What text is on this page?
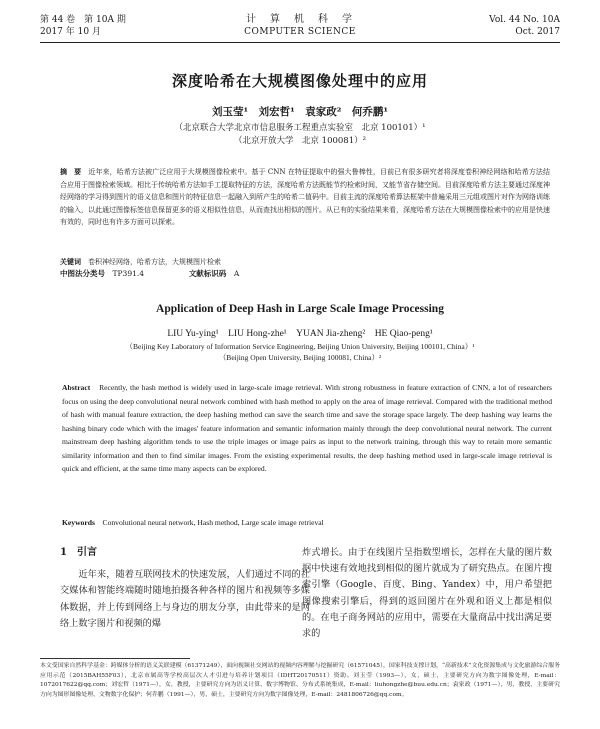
第 44 卷　第 10A 期
2017 年 10 月
计　算　机　科　学
COMPUTER SCIENCE
Vol. 44 No. 10A
Oct. 2017
深度哈希在大规模图像处理中的应用
刘玉莹¹　刘宏哲¹　袁家政²　何乔鹏¹
（北京联合大学北京市信息服务工程重点实验室　北京 100101）¹
（北京开放大学　北京 100081）²
摘　要　 近年来，哈希方法被广泛应用于大规模图像检索中。基于 CNN 在特征提取中的强大鲁棒性，目前已有很多研究者将深度卷积神经网络和哈希方法结合应用于图像检索领域。相比于传统哈希方法如手工提取特征的方法，深度哈希方法既能节约检索时间，又能节省存储空间。目前深度哈希方法主要通过深度神经网络的学习得到图片的语义信息和图片的特征信息一起融入到所产生的哈希二值码中。目前主流的深度哈希算法框架中普遍采用三元组或图片对作为网络训练的输入，以此通过图像标签信息保留更多的语义相似性信息，从而查找出相似的图片。从已有的实验结果来看，深度哈希方法在大规模图像检索中的应用是快速有效的，同时也有许多方面可以探索。
关键词　 卷积神经网络，哈希方法，大规模图片检索
中图法分类号　 TP391.4	文献标识码　 A
Application of Deep Hash in Large Scale Image Processing
LIU Yu-ying¹　LIU Hong-zhe¹　YUAN Jia-zheng²　HE Qiao-peng¹
（Beijing Key Laboratory of Information Service Engineering, Beijing Union University, Beijing 100101, China）¹
（Beijing Open University, Beijing 100081, China）²
Abstract　 Recently, the hash method is widely used in large-scale image retrieval. With strong robustness in feature extraction of CNN, a lot of researchers focus on using the deep convolutional neural network combined with hash method to apply on the area of image retrieval. Compared with the traditional method of hash with manual feature extraction, the deep hashing method can save the search time and save the storage space largely. The deep hashing way learns the hashing binary code which with the images' feature information and semantic information mainly through the deep convolutional neural network. The current mainstream deep hashing algorithm tends to use the triple images or image pairs as input to the network training, through this way to retain more semantic similarity information and then to find similar images. From the existing experimental results, the deep hashing method used in large-scale image retrieval is quick and efficient, at the same time many aspects can be explored.
Keywords　 Convolutional neural network, Hash method, Large scale image retrieval
1　引言
近年来，随着互联网技术的快速发展，人们通过不同的社交媒体和智能终端随时随地拍摄各种各样的图片和视频等多媒体数据，并上传到网络上与身边的朋友分享，由此带来的是网络上数字图片和视频的爆
炸式增长。由于在线图片呈指数型增长，怎样在大量的图片数据中快速有效地找到相似的图片就成为了研究热点。在图片搜索引擎（Google、百度、Bing、Yandex）中，用户希望把图像搜索引擎后，得到的返回图片在外观和语义上都是相似的。在电子商务网站的应用中，需要在大量商品中找出满足要求的
本文受国家自然科学基金：跨媒体分析的语义关联建模（61371249），面向视频社交网站的视频内容理解与挖掘研究（61571045），国家科技支撑计划，“高新技术”文化资源集成与文化旅游综合服务应用示范（2015BAH55F03），北京市属高等学校高层次人才引进与培养计划项目（IDHT20170511）资助。刘玉莹（1993—），女，硕士，主要研究方向为数字图像处理，E-mail：1072017622@qq.com；刘宏哲（1971—），女，教授，主要研究方向为语义计算、数字博物馆、分布式系统集成，E-mail：liuhongzhe@buu.edu.cn；袁家政（1971—），男，教授，主要研究方向为图形图像处理、文物数字化保护；何乔鹏（1991—），男，硕士，主要研究方向为数字图像处理，E-mail：2481806726@qq.com。
